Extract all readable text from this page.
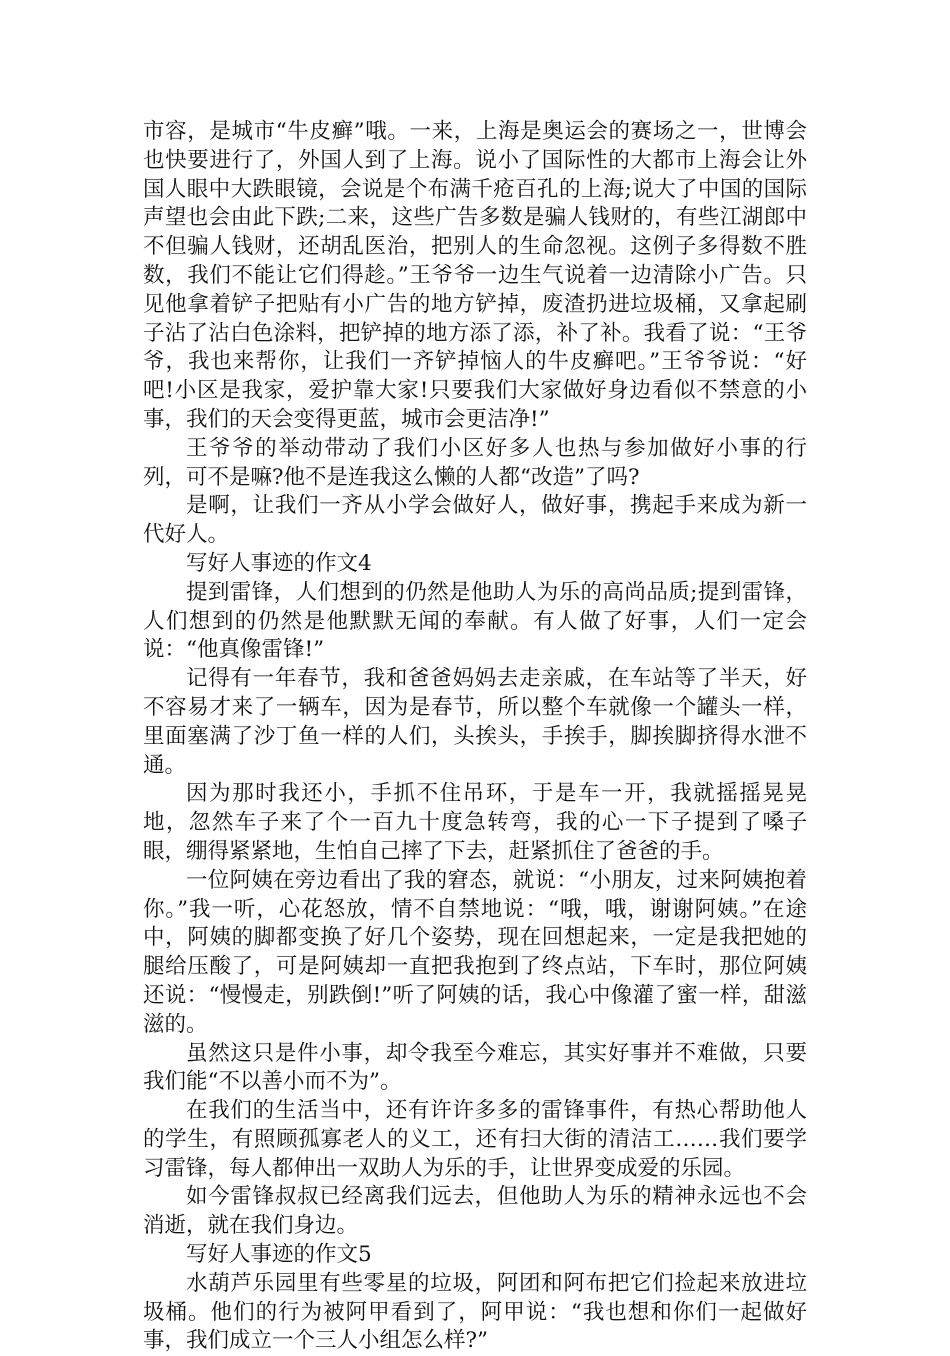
市容，是城市“牛皮癣”哦。一来，上海是奥运会的赛场之一，世博会也快要进行了，外国人到了上海。说小了国际性的大都市上海会让外国人眼中大跌眼镜，会说是个布满千疮百孔的上海;说大了中国的国际声望也会由此下跌;二来，这些广告多数是骗人钱财的，有些江湖郎中不但骗人钱财，还胡乱医治，把别人的生命忽视。这例子多得数不胜数，我们不能让它们得趁。”王爷爷一边生气说着一边清除小广告。只见他拿着铲子把贴有小广告的地方铲掉，废渣扔进垃圾桶，又拿起刷子沾了沾白色涂料，把铲掉的地方添了添，补了补。我看了说：“王爷爷，我也来帮你，让我们一齐铲掉恼人的牛皮癣吧。”王爷爷说：“好吧!小区是我家，爱护靠大家!只要我们大家做好身边看似不禁意的小事，我们的天会变得更蓝，城市会更洁净!”

王爷爷的举动带动了我们小区好多人也热与参加做好小事的行列，可不是嘛?他不是连我这么懒的人都“改造”了吗?

是啊，让我们一齐从小学会做好人，做好事，携起手来成为新一代好人。

写好人事迹的作文4

提到雷锋，人们想到的仍然是他助人为乐的高尚品质;提到雷锋，人们想到的仍然是他默默无闻的奉献。有人做了好事，人们一定会说：“他真像雷锋!”

记得有一年春节，我和爸爸妈妈去走亲戚，在车站等了半天，好不容易才来了一辆车，因为是春节，所以整个车就像一个罐头一样，里面塞满了沙丁鱼一样的人们，头挨头，手挨手，脚挨脚挤得水泄不通。

因为那时我还小，手抓不住吊环，于是车一开，我就摇摇晃晃地，忽然车子来了个一百九十度急转弯，我的心一下子提到了嗓子眼，绷得紧紧地，生怕自己摔了下去，赶紧抓住了爸爸的手。

一位阿姨在旁边看出了我的窘态，就说：“小朋友，过来阿姨抱着你。”我一听，心花怒放，情不自禁地说：“哦，哦，谢谢阿姨。”在途中，阿姨的脚都变换了好几个姿势，现在回想起来，一定是我把她的腿给压酸了，可是阿姨却一直把我抱到了终点站，下车时，那位阿姨还说：“慢慢走，别跌倒!”听了阿姨的话，我心中像灌了蜜一样，甜滋滋的。

虽然这只是件小事，却令我至今难忘，其实好事并不难做，只要我们能“不以善小而不为”。

在我们的生活当中，还有许许多多的雷锋事件，有热心帮助他人的学生，有照顾孤寡老人的义工，还有扫大街的清洁工……我们要学习雷锋，每人都伸出一双助人为乐的手，让世界变成爱的乐园。

如今雷锋叔叔已经离我们远去，但他助人为乐的精神永远也不会消逝，就在我们身边。

写好人事迹的作文5

水葫芦乐园里有些零星的垃圾，阿团和阿布把它们捡起来放进垃圾桶。他们的行为被阿甲看到了，阿甲说：“我也想和你们一起做好事，我们成立一个三人小组怎么样?”
